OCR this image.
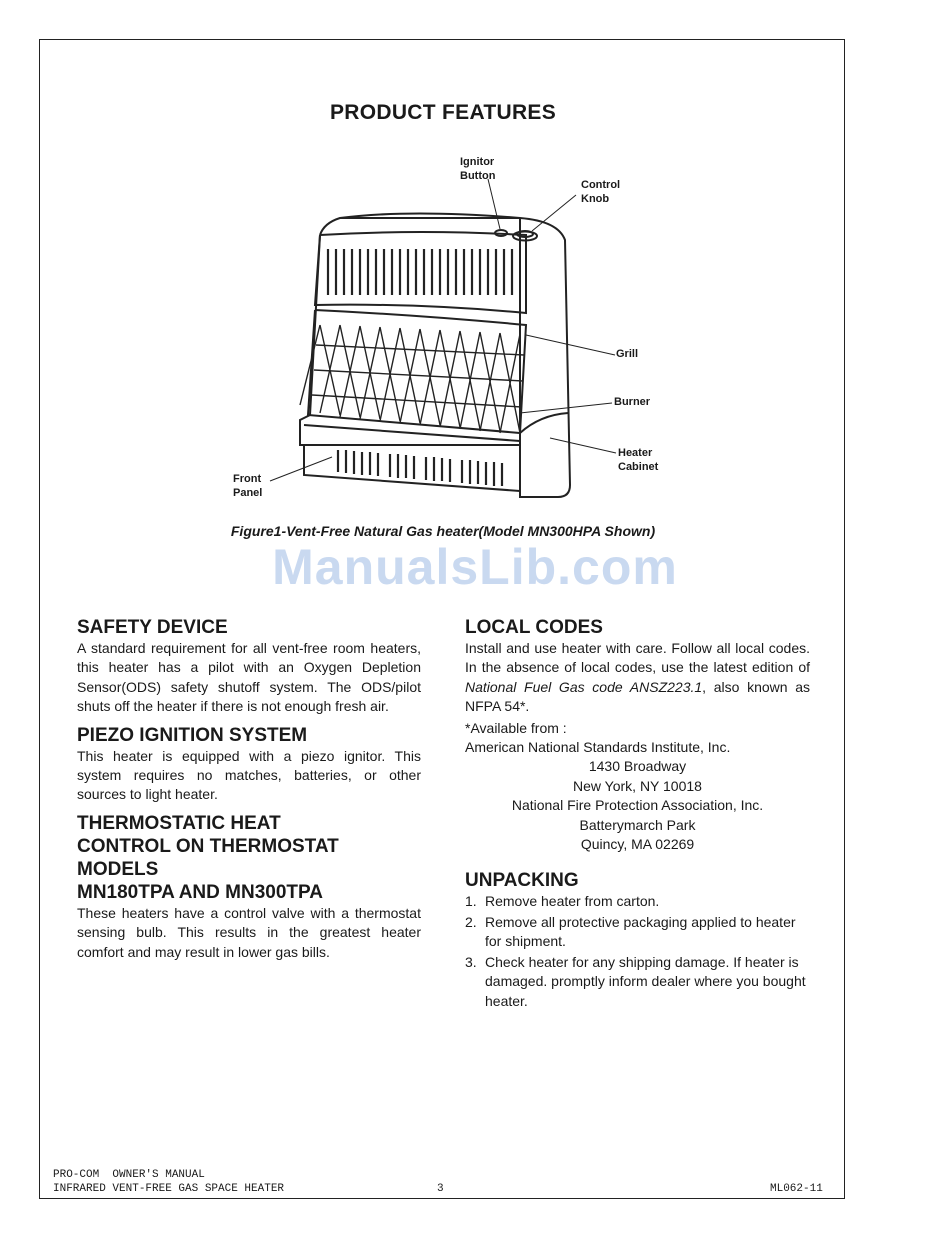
PRODUCT FEATURES
Ignitor
Button
Control
Knob
Grill
Burner
Heater
Cabinet
Front
Panel
Figure1-Vent-Free Natural Gas heater(Model MN300HPA Shown)
ManualsLib.com
SAFETY DEVICE

A standard requirement for all vent-free room heaters, this heater has a pilot with an Oxygen Depletion Sensor(ODS) safety shutoff system. The ODS/pilot shuts off the heater if there is not enough fresh air.

PIEZO IGNITION SYSTEM

This heater is equipped with a piezo ignitor. This system requires no matches, batteries, or other sources to light heater.

THERMOSTATIC HEAT
CONTROL ON THERMOSTAT
MODELS
MN180TPA AND MN300TPA

These heaters have a control valve with a thermostat sensing bulb. This results in the greatest heater comfort and may result in lower gas bills.

LOCAL CODES

Install and use heater with care. Follow all local codes. In the absence of local codes, use the latest edition of National Fuel Gas code ANSZ223.1, also known as NFPA 54*.

*Available from :

American National Standards Institute, Inc.

1430 Broadway

New York, NY 10018

National Fire Protection Association, Inc.

Batterymarch Park

Quincy, MA 02269

UNPACKING
1. Remove heater from carton.
2. Remove all protective packaging applied to heater for shipment.
3. Check heater for any shipping damage. If heater is damaged. promptly inform dealer where you bought heater.
PRO-COM  OWNER'S MANUAL
INFRARED VENT-FREE GAS SPACE HEATER	3	ML062-11
